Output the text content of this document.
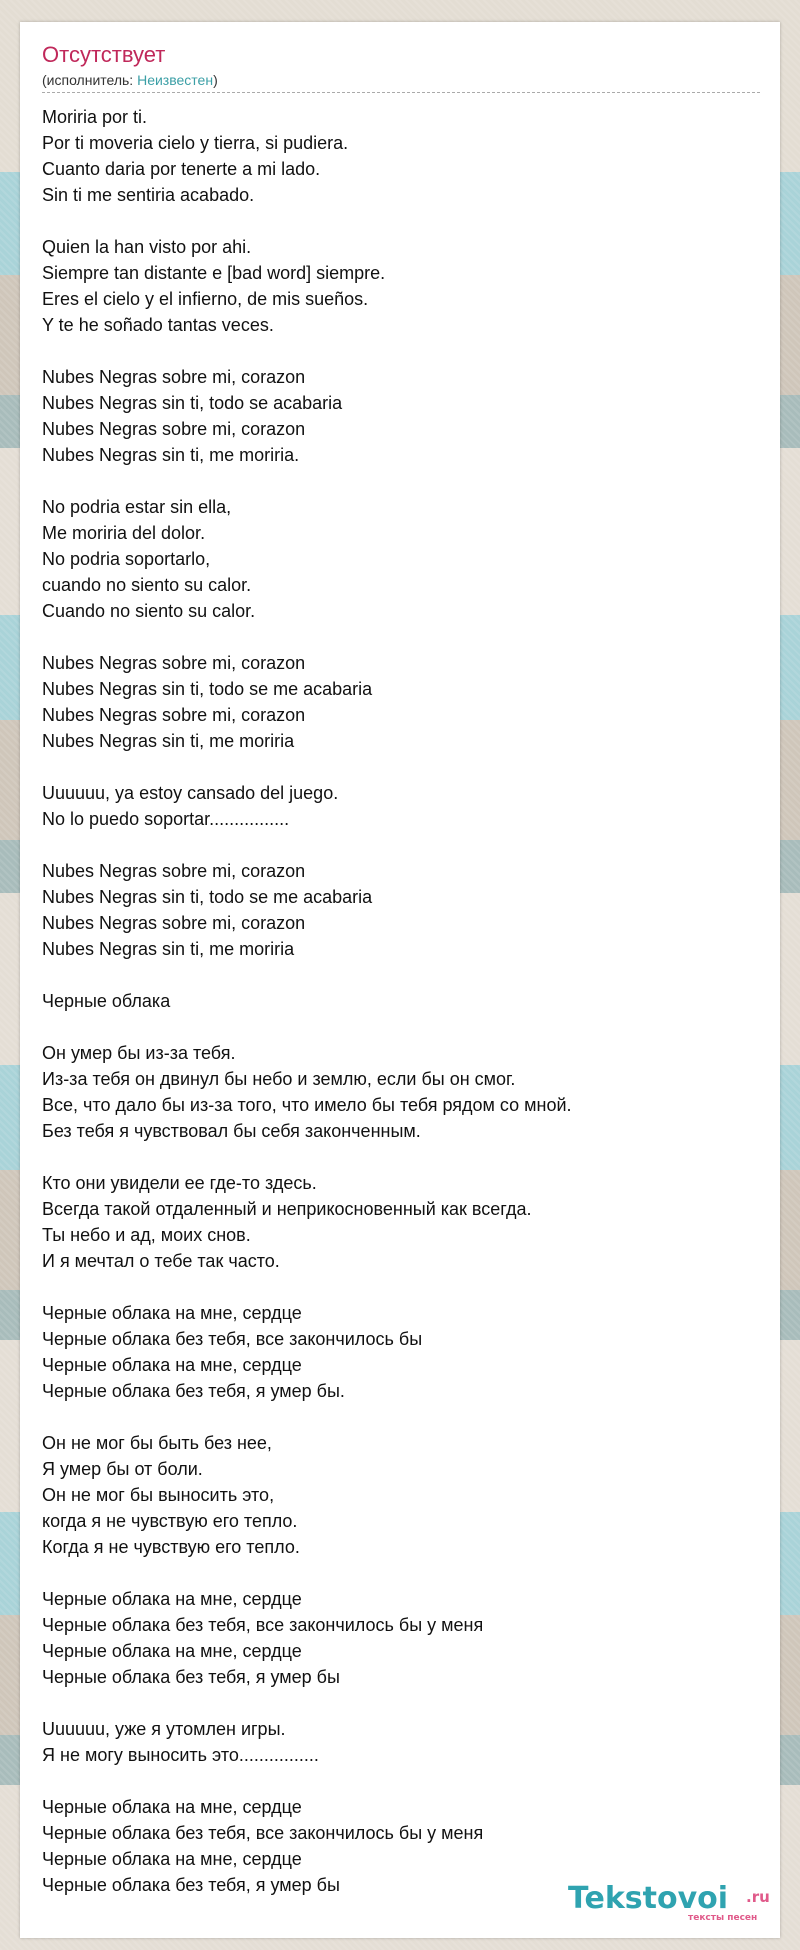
Отсутствует
(исполнитель: Неизвестен)
Moriria por ti.
Por ti moveria cielo y tierra, si pudiera.
Cuanto daria por tenerte a mi lado.
Sin ti me sentiria acabado.
Quien la han visto por ahi.
Siempre tan distante e [bad word] siempre.
Eres el cielo y el infierno, de mis sueños.
Y te he soñado tantas veces.
Nubes Negras sobre mi, corazon
Nubes Negras sin ti, todo se acabaria
Nubes Negras sobre mi, corazon
Nubes Negras sin ti, me moriria.
No podria estar sin ella,
Me moriria del dolor.
No podria soportarlo,
cuando no siento su calor.
Cuando no siento su calor.
Nubes Negras sobre mi, corazon
Nubes Negras sin ti, todo se me acabaria
Nubes Negras sobre mi, corazon
Nubes Negras sin ti, me moriria
Uuuuuu, ya estoy cansado del juego.
No lo puedo soportar................
Nubes Negras sobre mi, corazon
Nubes Negras sin ti, todo se me acabaria
Nubes Negras sobre mi, corazon
Nubes Negras sin ti, me moriria
Черные облака
Он умер бы из-за тебя.
Из-за тебя он двинул бы небо и землю, если бы он смог.
Все, что дало бы из-за того, что имело бы тебя рядом со мной.
Без тебя я чувствовал бы себя законченным.
Кто они увидели ее где-то здесь.
Всегда такой отдаленный и неприкосновенный как всегда.
Ты небо и ад, моих снов.
И я мечтал о тебе так часто.
Черные облака на мне, сердце
Черные облака без тебя, все закончилось бы
Черные облака на мне, сердце
Черные облака без тебя, я умер бы.
Он не мог бы быть без нее,
Я умер бы от боли.
Он не мог бы выносить это,
когда я не чувствую его тепло.
Когда я не чувствую его тепло.
Черные облака на мне, сердце
Черные облака без тебя, все закончилось бы у меня
Черные облака на мне, сердце
Черные облака без тебя, я умер бы
Uuuuuu, уже я утомлен игры.
Я не могу выносить это................
Черные облака на мне, сердце
Черные облака без тебя, все закончилось бы у меня
Черные облака на мне, сердце
Черные облака без тебя, я умер бы	Tekstovoi .ru
тексты песен
